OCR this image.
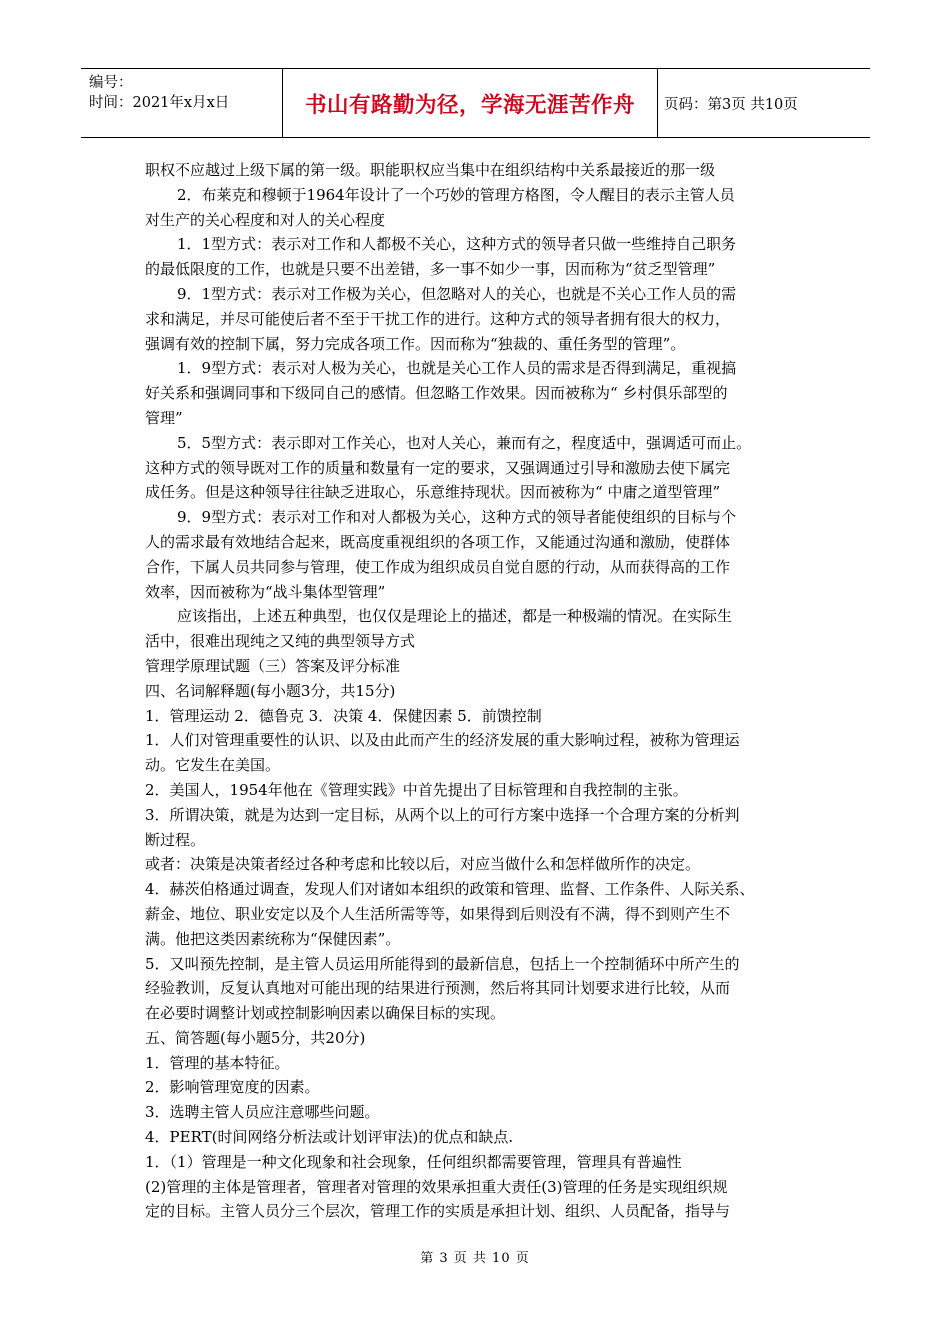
编号：
时间：2021年x月x日	书山有路勤为径，学海无涯苦作舟 页码：第3页 共10页
职权不应越过上级下属的第一级。职能职权应当集中在组织结构中关系最接近的那一级
2．布莱克和穆顿于1964年设计了一个巧妙的管理方格图，令人醒目的表示主管人员
对生产的关心程度和对人的关心程度
1．1型方式：表示对工作和人都极不关心，这种方式的领导者只做一些维持自己职务
的最低限度的工作，也就是只要不出差错，多一事不如少一事，因而称为“贫乏型管理”
9．1型方式：表示对工作极为关心，但忽略对人的关心，也就是不关心工作人员的需
求和满足，并尽可能使后者不至于干扰工作的进行。这种方式的领导者拥有很大的权力，
强调有效的控制下属，努力完成各项工作。因而称为“独裁的、重任务型的管理”。
1．9型方式：表示对人极为关心，也就是关心工作人员的需求是否得到满足，重视搞
好关系和强调同事和下级同自己的感情。但忽略工作效果。因而被称为“ 乡村俱乐部型的
管理”
5．5型方式：表示即对工作关心，也对人关心，兼而有之，程度适中，强调适可而止。
这种方式的领导既对工作的质量和数量有一定的要求，又强调通过引导和激励去使下属完
成任务。但是这种领导往往缺乏进取心，乐意维持现状。因而被称为“ 中庸之道型管理”
9．9型方式：表示对工作和对人都极为关心，这种方式的领导者能使组织的目标与个
人的需求最有效地结合起来，既高度重视组织的各项工作，又能通过沟通和激励，使群体
合作，下属人员共同参与管理，使工作成为组织成员自觉自愿的行动，从而获得高的工作
效率，因而被称为“战斗集体型管理”
应该指出，上述五种典型，也仅仅是理论上的描述，都是一种极端的情况。在实际生
活中，很难出现纯之又纯的典型领导方式
管理学原理试题（三）答案及评分标准
四、名词解释题(每小题3分，共15分)
1．管理运动 2．德鲁克 3．决策 4．保健因素 5．前馈控制
1．人们对管理重要性的认识、以及由此而产生的经济发展的重大影响过程，被称为管理运
动。它发生在美国。
2．美国人，1954年他在《管理实践》中首先提出了目标管理和自我控制的主张。
3．所谓决策，就是为达到一定目标，从两个以上的可行方案中选择一个合理方案的分析判
断过程。
或者：决策是决策者经过各种考虑和比较以后，对应当做什么和怎样做所作的决定。
4．赫茨伯格通过调查，发现人们对诸如本组织的政策和管理、监督、工作条件、人际关系、
薪金、地位、职业安定以及个人生活所需等等，如果得到后则没有不满，得不到则产生不
满。他把这类因素统称为“保健因素”。
5．又叫预先控制，是主管人员运用所能得到的最新信息，包括上一个控制循环中所产生的
经验教训，反复认真地对可能出现的结果进行预测，然后将其同计划要求进行比较，从而
在必要时调整计划或控制影响因素以确保目标的实现。
五、简答题(每小题5分，共20分)
1．管理的基本特征。
2．影响管理宽度的因素。
3．选聘主管人员应注意哪些问题。
4．PERT(时间网络分析法或计划评审法)的优点和缺点.
1．（1）管理是一种文化现象和社会现象，任何组织都需要管理，管理具有普遍性
(2)管理的主体是管理者，管理者对管理的效果承担重大责任(3)管理的任务是实现组织规
定的目标。主管人员分三个层次，管理工作的实质是承担计划、组织、人员配备，指导与
第 3 页 共 10 页
